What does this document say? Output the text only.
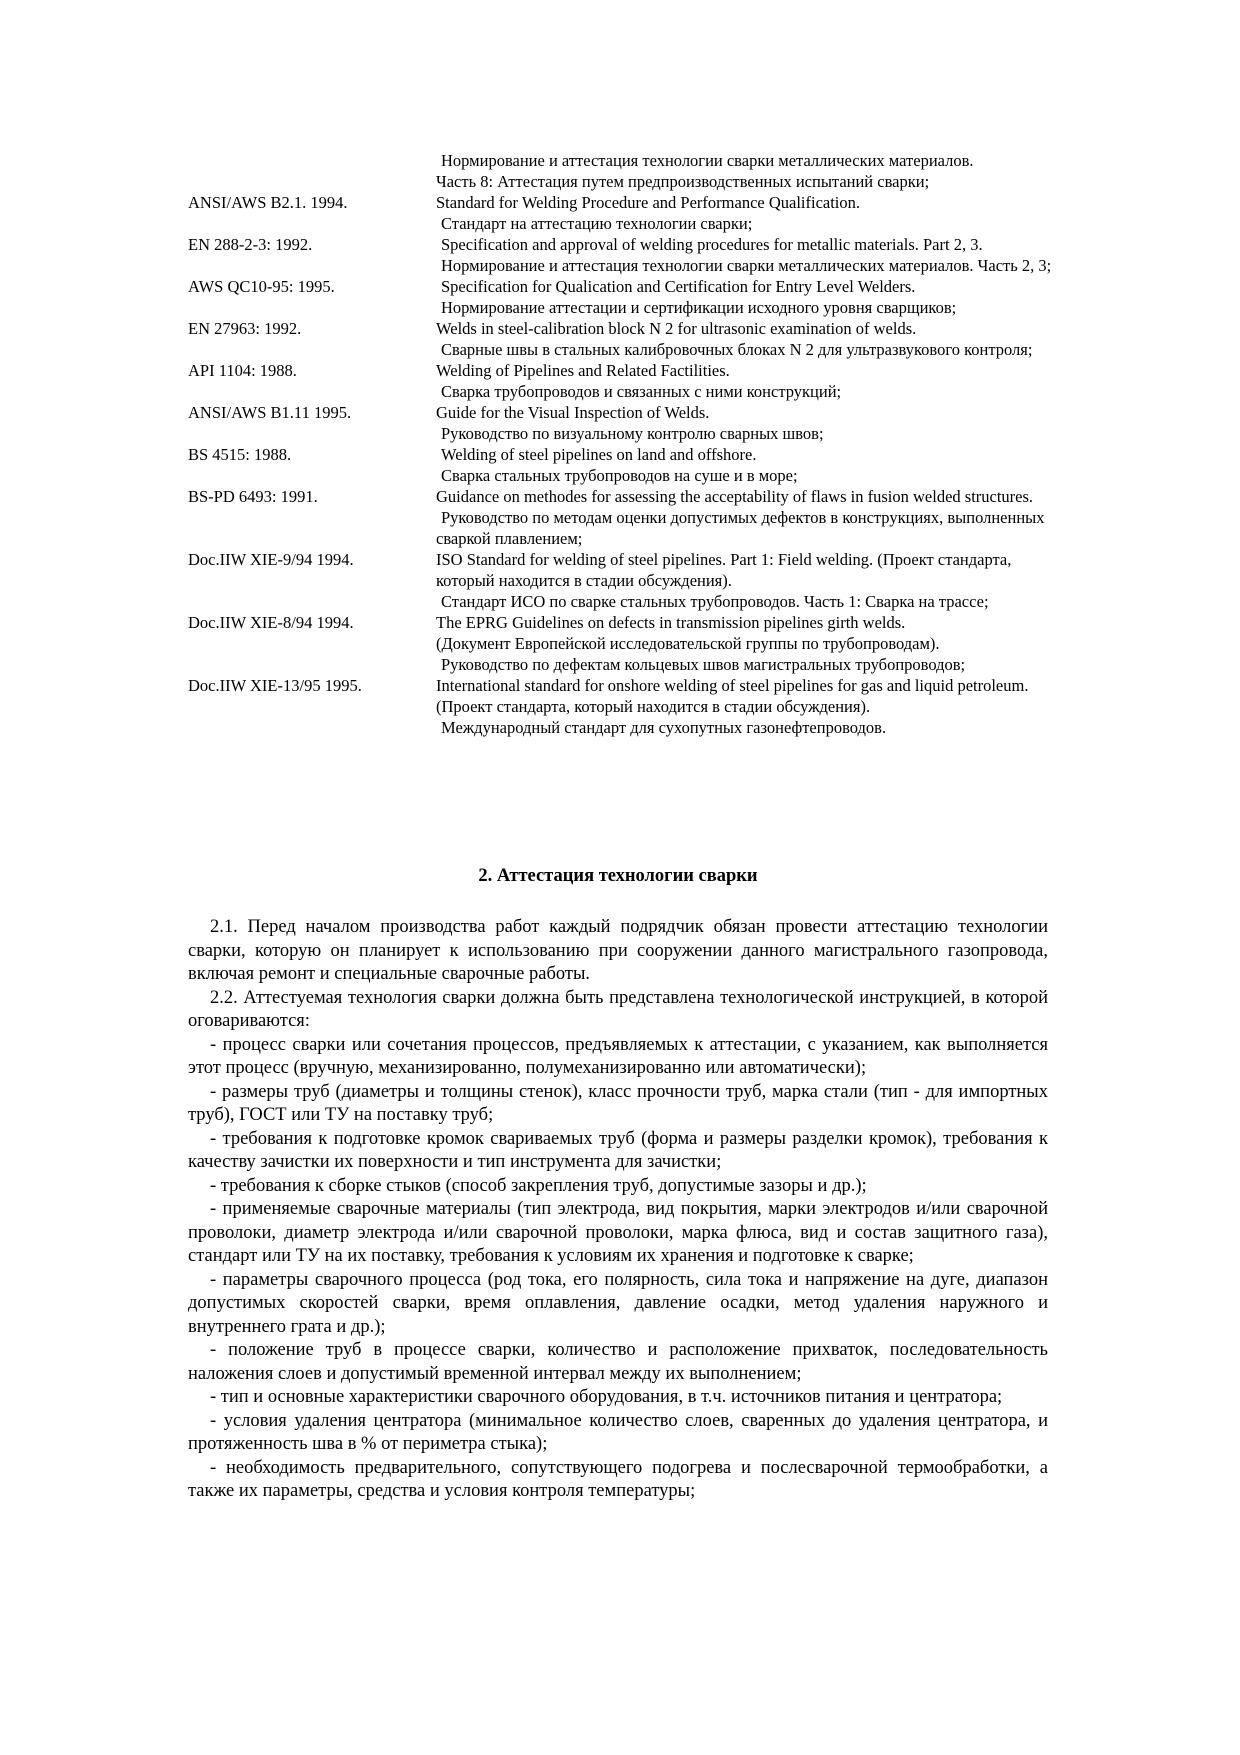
Нормирование и аттестация технологии сварки металлических материалов.
Часть 8: Аттестация путем предпроизводственных испытаний сварки;
ANSI/AWS B2.1. 1994.	Standard for Welding Procedure and Performance Qualification.
Стандарт на аттестацию технологии сварки;
EN 288-2-3: 1992.	Specification and approval of welding procedures for metallic materials. Part 2, 3.
Нормирование и аттестация технологии сварки металлических материалов. Часть 2, 3;
AWS QC10-95: 1995.	Specification for Qualication and Certification for Entry Level Welders.
Нормирование аттестации и сертификации исходного уровня сварщиков;
EN 27963: 1992.	Welds in steel-calibration block N 2 for ultrasonic examination of welds.
Сварные швы в стальных калибровочных блоках N 2 для ультразвукового контроля;
API 1104: 1988.	Welding of Pipelines and Related Factilities.
Сварка трубопроводов и связанных с ними конструкций;
ANSI/AWS B1.11 1995.	Guide for the Visual Inspection of Welds.
Руководство по визуальному контролю сварных швов;
BS 4515: 1988.	Welding of steel pipelines on land and offshore.
Сварка стальных трубопроводов на суше и в море;
BS-PD 6493: 1991.	Guidance on methodes for assessing the acceptability of flaws in fusion welded structures.
Руководство по методам оценки допустимых дефектов в конструкциях, выполненных сваркой плавлением;
Doc.IIW XIE-9/94 1994.	ISO Standard for welding of steel pipelines. Part 1: Field welding. (Проект стандарта, который находится в стадии обсуждения).
Стандарт ИСО по сварке стальных трубопроводов. Часть 1: Сварка на трассе;
Doc.IIW XIE-8/94 1994.	The EPRG Guidelines on defects in transmission pipelines girth welds.
(Документ Европейской исследовательской группы по трубопроводам).
Руководство по дефектам кольцевых швов магистральных трубопроводов;
Doc.IIW XIE-13/95 1995.	International standard for onshore welding of steel pipelines for gas and liquid petroleum. (Проект стандарта, который находится в стадии обсуждения).
Международный стандарт для сухопутных газонефтепроводов.
2. Аттестация технологии сварки

2.1. Перед началом производства работ каждый подрядчик обязан провести аттестацию технологии сварки, которую он планирует к использованию при сооружении данного магистрального газопровода, включая ремонт и специальные сварочные работы.

2.2. Аттестуемая технология сварки должна быть представлена технологической инструкцией, в которой оговариваются:

- процесс сварки или сочетания процессов, предъявляемых к аттестации, с указанием, как выполняется этот процесс (вручную, механизированно, полумеханизированно или автоматически);

- размеры труб (диаметры и толщины стенок), класс прочности труб, марка стали (тип - для импортных труб), ГОСТ или ТУ на поставку труб;

- требования к подготовке кромок свариваемых труб (форма и размеры разделки кромок), требования к качеству зачистки их поверхности и тип инструмента для зачистки;

- требования к сборке стыков (способ закрепления труб, допустимые зазоры и др.);

- применяемые сварочные материалы (тип электрода, вид покрытия, марки электродов и/или сварочной проволоки, диаметр электрода и/или сварочной проволоки, марка флюса, вид и состав защитного газа), стандарт или ТУ на их поставку, требования к условиям их хранения и подготовке к сварке;

- параметры сварочного процесса (род тока, его полярность, сила тока и напряжение на дуге, диапазон допустимых скоростей сварки, время оплавления, давление осадки, метод удаления наружного и внутреннего грата и др.);

- положение труб в процессе сварки, количество и расположение прихваток, последовательность наложения слоев и допустимый временной интервал между их выполнением;

- тип и основные характеристики сварочного оборудования, в т.ч. источников питания и центратора;

- условия удаления центратора (минимальное количество слоев, сваренных до удаления центратора, и протяженность шва в % от периметра стыка);

- необходимость предварительного, сопутствующего подогрева и послесварочной термообработки, а также их параметры, средства и условия контроля температуры;
